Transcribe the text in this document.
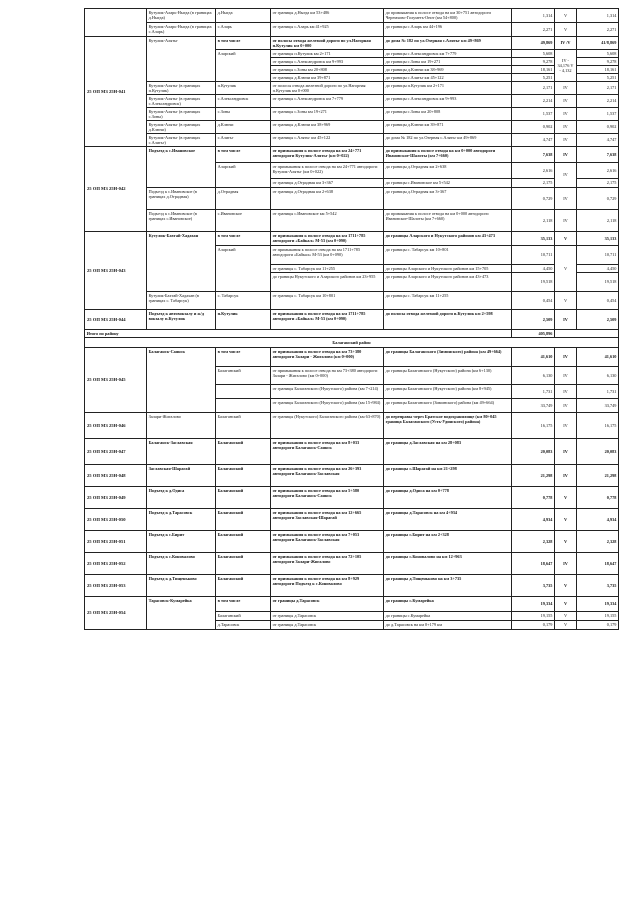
	Кутулик-Аларь-Ныгда (в границах д.Ныгда)	д.Ныгда	от границы д.Ныгда км 53+486	до примыкания к полосе отвода на км 30+751 автодороги Черемхово-Голуметь-Онот (км 54+800)	1,314	V	1,314
	Кутулик-Аларь-Ныгда (в границах с.Аларь)	с.Аларь	от границы с.Аларь км 41+925	до границы с.Аларь км 44+196	2,271	V	2,271
25 ОП МЗ 25Н-041	Кутулик-Алятьг	в том числе	от полосы отвода железной дороги по ул.Нагорная п.Кутулик км 0+000	до дома № 182 по ул.Озерная с.Алятьг км 49+869	49,869	IV /V	41/8,869
		Аларский	от границы п.Кутулик км 2+171	до границы с.Александровск км 7+779	5,608	IV - 34,176 V - 4,132	5,608
			от границы с.Александровск км 9+993	до границы с.Зоны км 19+271	9,278		9,278
			от границы с.Зоны км 20+808	до границы д.Ключи км 38+969	18,161		18,161
			от границы д.Ключи км 39+871	до границы с.Алятьг км 45+122	5,251		5,251
	Кутулик-Алятьг (в границах п.Кутулик)	п.Кутулик	от полосы отвода железной дороги по ул.Нагорная п.Кутулик км 0+000	до границы п.Кутулик км 2+171	2,171	IV	2,171
	Кутулик-Алятьг (в границах с.Александровск)	с.Александровск	от границы с.Александровск км 7+779	до границы с.Александровск км 9+993	2,214	IV	2,214
	Кутулик-Алятьг (в границах с.Зоны)	с.Зоны	от границы с.Зоны км 19+271	до границы с.Зоны км 20+808	1,537	IV	1,537
	Кутулик-Алятьг (в границах д.Ключи)	д.Ключи	от границы д.Ключи км 38+969	до границы д.Ключи км 39+871	0,902	IV	0,902
	Кутулик-Алятьг (в границах с.Алятьг)	с.Алятьг	от границы с.Алятьг км 45+122	до дома № 182 по ул.Озерная с.Алятьг км 49+869	4,747	IV	4,747
25 ОП МЗ 25Н-042	Подъезд к с.Ивановское	в том числе	от примыкания к полосе отвода на км 24+771 автодороги Кутулик-Алятьг (км 0+022)	до примыкания к полосе отвода на км 0+000 автодороги Ивановское-Шалоты (км 7+660)	7,638	IV	7,638
		Аларский	от примыкания к полосе отвода на км 24+771 автодороги Кутулик-Алятьг (км 0+022)	до границы д.Отрадная км 2+638	2,616	IV	2,616
			от границы д.Отрадная км 3+367	до границы с.Ивановское км 5+542	2,175		2,175
	Подъезд к с.Ивановское (в границах д.Отрадная)	д.Отрадная	от границы д.Отрадная км 2+638	до границы д.Отрадная км 3+367	0,729	IV	0,729
	Подъезд к с.Ивановское (в границах с.Ивановское)	с.Ивановское	от границы с.Ивановское км 5+542	до примыкания к полосе отвода на км 0+000 автодороги Ивановское-Шалоты (км 7+660)	2,118	IV	2,118
25 ОП МЗ 25Н-043	Кутулик-Бахтай-Хадахан	в том числе	от примыкания к полосе отвода на км 1711+785 автодороги «Байкал» М-53 (км 0+090)	до границы Аларского и Нукутского районов км 43+473	35,133	V	35,133
		Аларский	от примыкания к полосе отвода на км 1711+785 автодороги «Байкал» М-53 (км 0+090)	до границы с. Табарсук км 10+801	10,711	V	10,711
			от границы с. Табарсук км 11+255	до границы Аларского и Нукутского районов км 15+705	4,450		4,450
			до границы Нукутского и Аларского районов км 23+955	до границы Аларского и Нукутского районов км 43+473	19,518		19,518
	Кутулик-Бахтай-Хадахан (в границах с. Табарсук)	с. Табарсук	от границы с. Табарсук км 10+801	до границы с. Табарсук км 11+255	0,454	V	0,454
25 ОП МЗ 25Н-044	Подъезд к автовокзалу и ж/д вокзалу п.Кутулик	п.Кутулик	от примыкания к полосе отвода на км 1711+785 автодороги «Байкал» М-53 (км 0+090)	до полосы отвода железной дороги п.Кутулик км 2+598	2,509	IV	2,509
Итого по району					405,896		
Балаганский район							
25 ОП МЗ 25Н-045	Балаганск-Саянск	в том числе	от примыкания к полосе отвода на км 73+380 автодороги Залари - Жигалово (км 0+000)	до границы Балаганского (Зиминского) района (км 49+664)	41,610	IV	41,610
		Балаганский	от примыкания к полосе отвода на км 73+380 автодороги Залари - Жигалово (км 0+000)	до границы Балаганского (Нукутского) района (км 6+130)	6,130	IV	6,130
			от границы Балаганского (Нукутского) района (км 7+214)	до границы Балаганского (Нукутского) района (км 8+945)	1,731	IV	1,731
			от границы Балаганского (Нукутского) района (км 15+984)	до границы Балаганского (Зиминского) района (км 49+664)	33,749	IV	33,749
25 ОП МЗ 25Н-046	Залари-Жигалово	Балаганский	от границы (Нукутского) Балаганского района (км 63+870)	до переправы через Братское водохранилище (км 80+045 граница Балаганского (Усть-Удинского) района)	16,175	IV	16,175
25 ОП МЗ 25Н-047	Балаганск-Заславская	Балаганский	от примыкания к полосе отвода на км 8+033 автодороги Балаганск-Саянск	до границы д.Заславская на км 28+083	20,083	IV	20,083
25 ОП МЗ 25Н-048	Заславская-Шарагай	Балаганский	от примыкания к полосе отвода на км 26+393 автодороги Балаганск-Заславская	до границы с.Шарагай на км 21+298	21,298	IV	21,298
25 ОП МЗ 25Н-049	Подъезд к д.Одиса	Балаганский	от примыкания к полосе отвода на км 5+580 автодороги Балаганск-Саянск	до границы д.Одиса на км 0+778	0,778	V	0,778
25 ОП МЗ 25Н-050	Подъезд к д.Тарасовск	Балаганский	от примыкания к полосе отвода на км 12+665 автодороги Заславская-Шарагай	до границы д.Тарасовск на км 4+934	4,934	V	4,934
25 ОП МЗ 25Н-051	Подъезд к с.Бирит	Балаганский	от примыкания к полосе отвода на км 7+053 автодороги Балаганск-Заславская	до границы с.Бирит на км 2+328	2,328	V	2,328
25 ОП МЗ 25Н-052	Подъезд к с.Коновалово	Балаганский	от примыкания к полосе отвода на км 72+105 автодороги Залари-Жигалово	до границы с.Коновалово на км 12+963	18,647	IV	18,647
25 ОП МЗ 25Н-053	Подъезд к д.Тищеньково	Балаганский	от примыкания к полосе отвода на км 8+929 автодороги Подъезд к с.Коновалово	до границы д.Тищеньково на км 3+735	3,735	V	3,735
25 ОП МЗ 25Н-054	Тарасовск-Кумарейка	в том числе	от границы д.Тарасовск	до границы с.Кумарейка	19,334	V	19,334
		Балаганский	от границы д.Тарасовск	до границы с.Кумарейка	19,155	V	19,155
		д.Тарасовск	от границы д.Тарасовск	до д.Тарасовск на км 0+179 км	0,179	V	0,179
